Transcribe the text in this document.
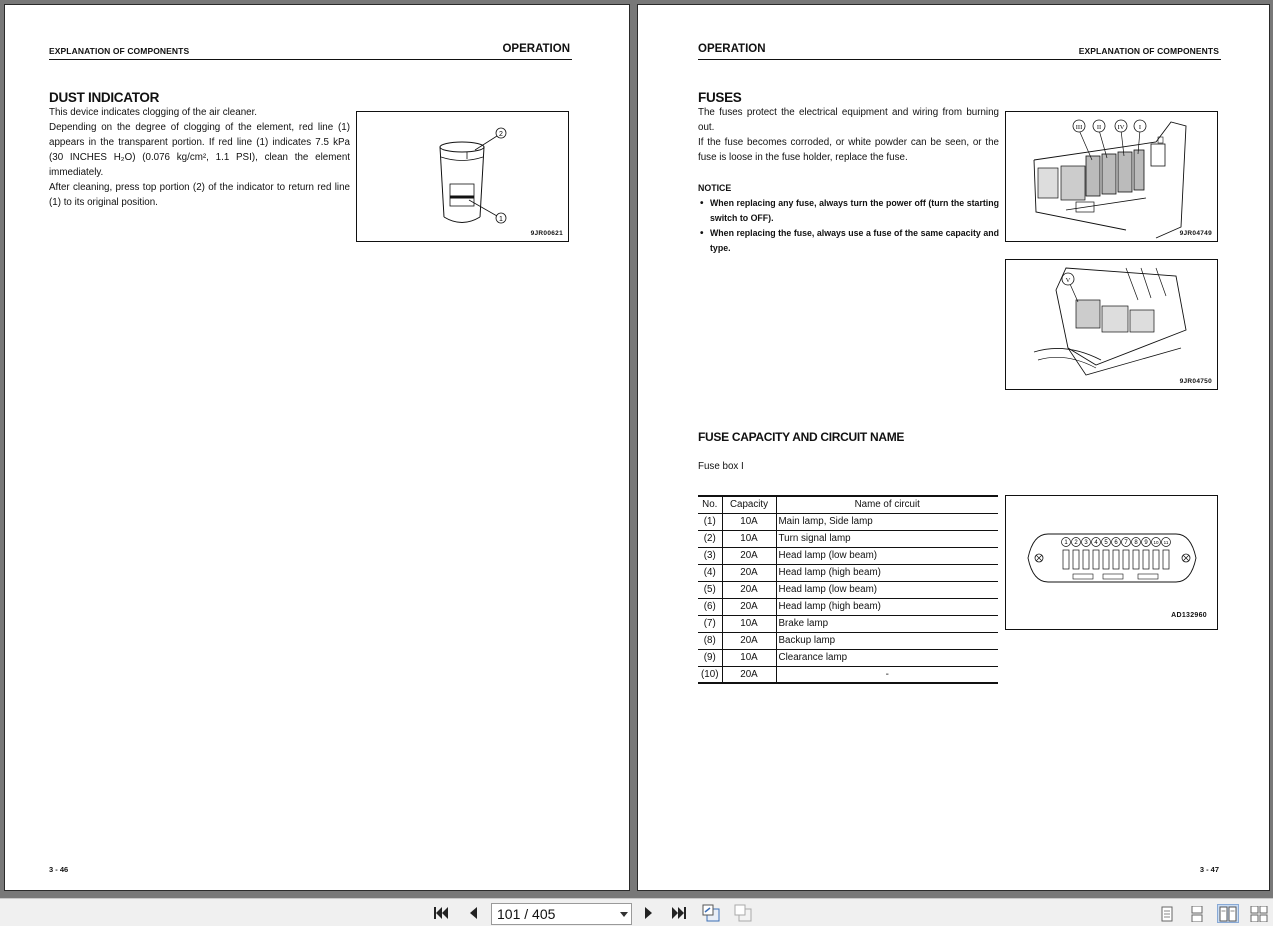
EXPLANATION OF COMPONENTS	OPERATION
DUST INDICATOR

This device indicates clogging of the air cleaner.

Depending on the degree of clogging of the element, red line (1) appears in the transparent portion. If red line (1) indicates 7.5 kPa (30 INCHES H₂O) (0.076 kg/cm², 1.1 PSI), clean the element immediately.

After cleaning, press top portion (2) of the indicator to return red line (1) to its original position.

2
1
9JR00621
3 - 46
OPERATION	EXPLANATION OF COMPONENTS
FUSES

The fuses protect the electrical equipment and wiring from burning out.

If the fuse becomes corroded, or white powder can be seen, or the fuse is loose in the fuse holder, replace the fuse.

NOTICE
• When replacing any fuse, always turn the power off (turn the starting switch to OFF).
• When replacing the fuse, always use a fuse of the same capacity and type.
III II	IV I
9JR04749
V
9JR04750
FUSE CAPACITY AND CIRCUIT NAME
Fuse box I
No.	Capacity	Name of circuit
(1)	10A	Main lamp, Side lamp
(2)	10A	Turn signal lamp
(3)	20A	Head lamp (low beam)
(4)	20A	Head lamp (high beam)
(5)	20A	Head lamp (low beam)
(6)	20A	Head lamp (high beam)
(7)	10A	Brake lamp
(8)	20A	Backup lamp
(9)	10A	Clearance lamp
(10)	20A	-
1 2 3 4 5 6 7 8 9 10 11
AD132960
3 - 47
101 / 405
